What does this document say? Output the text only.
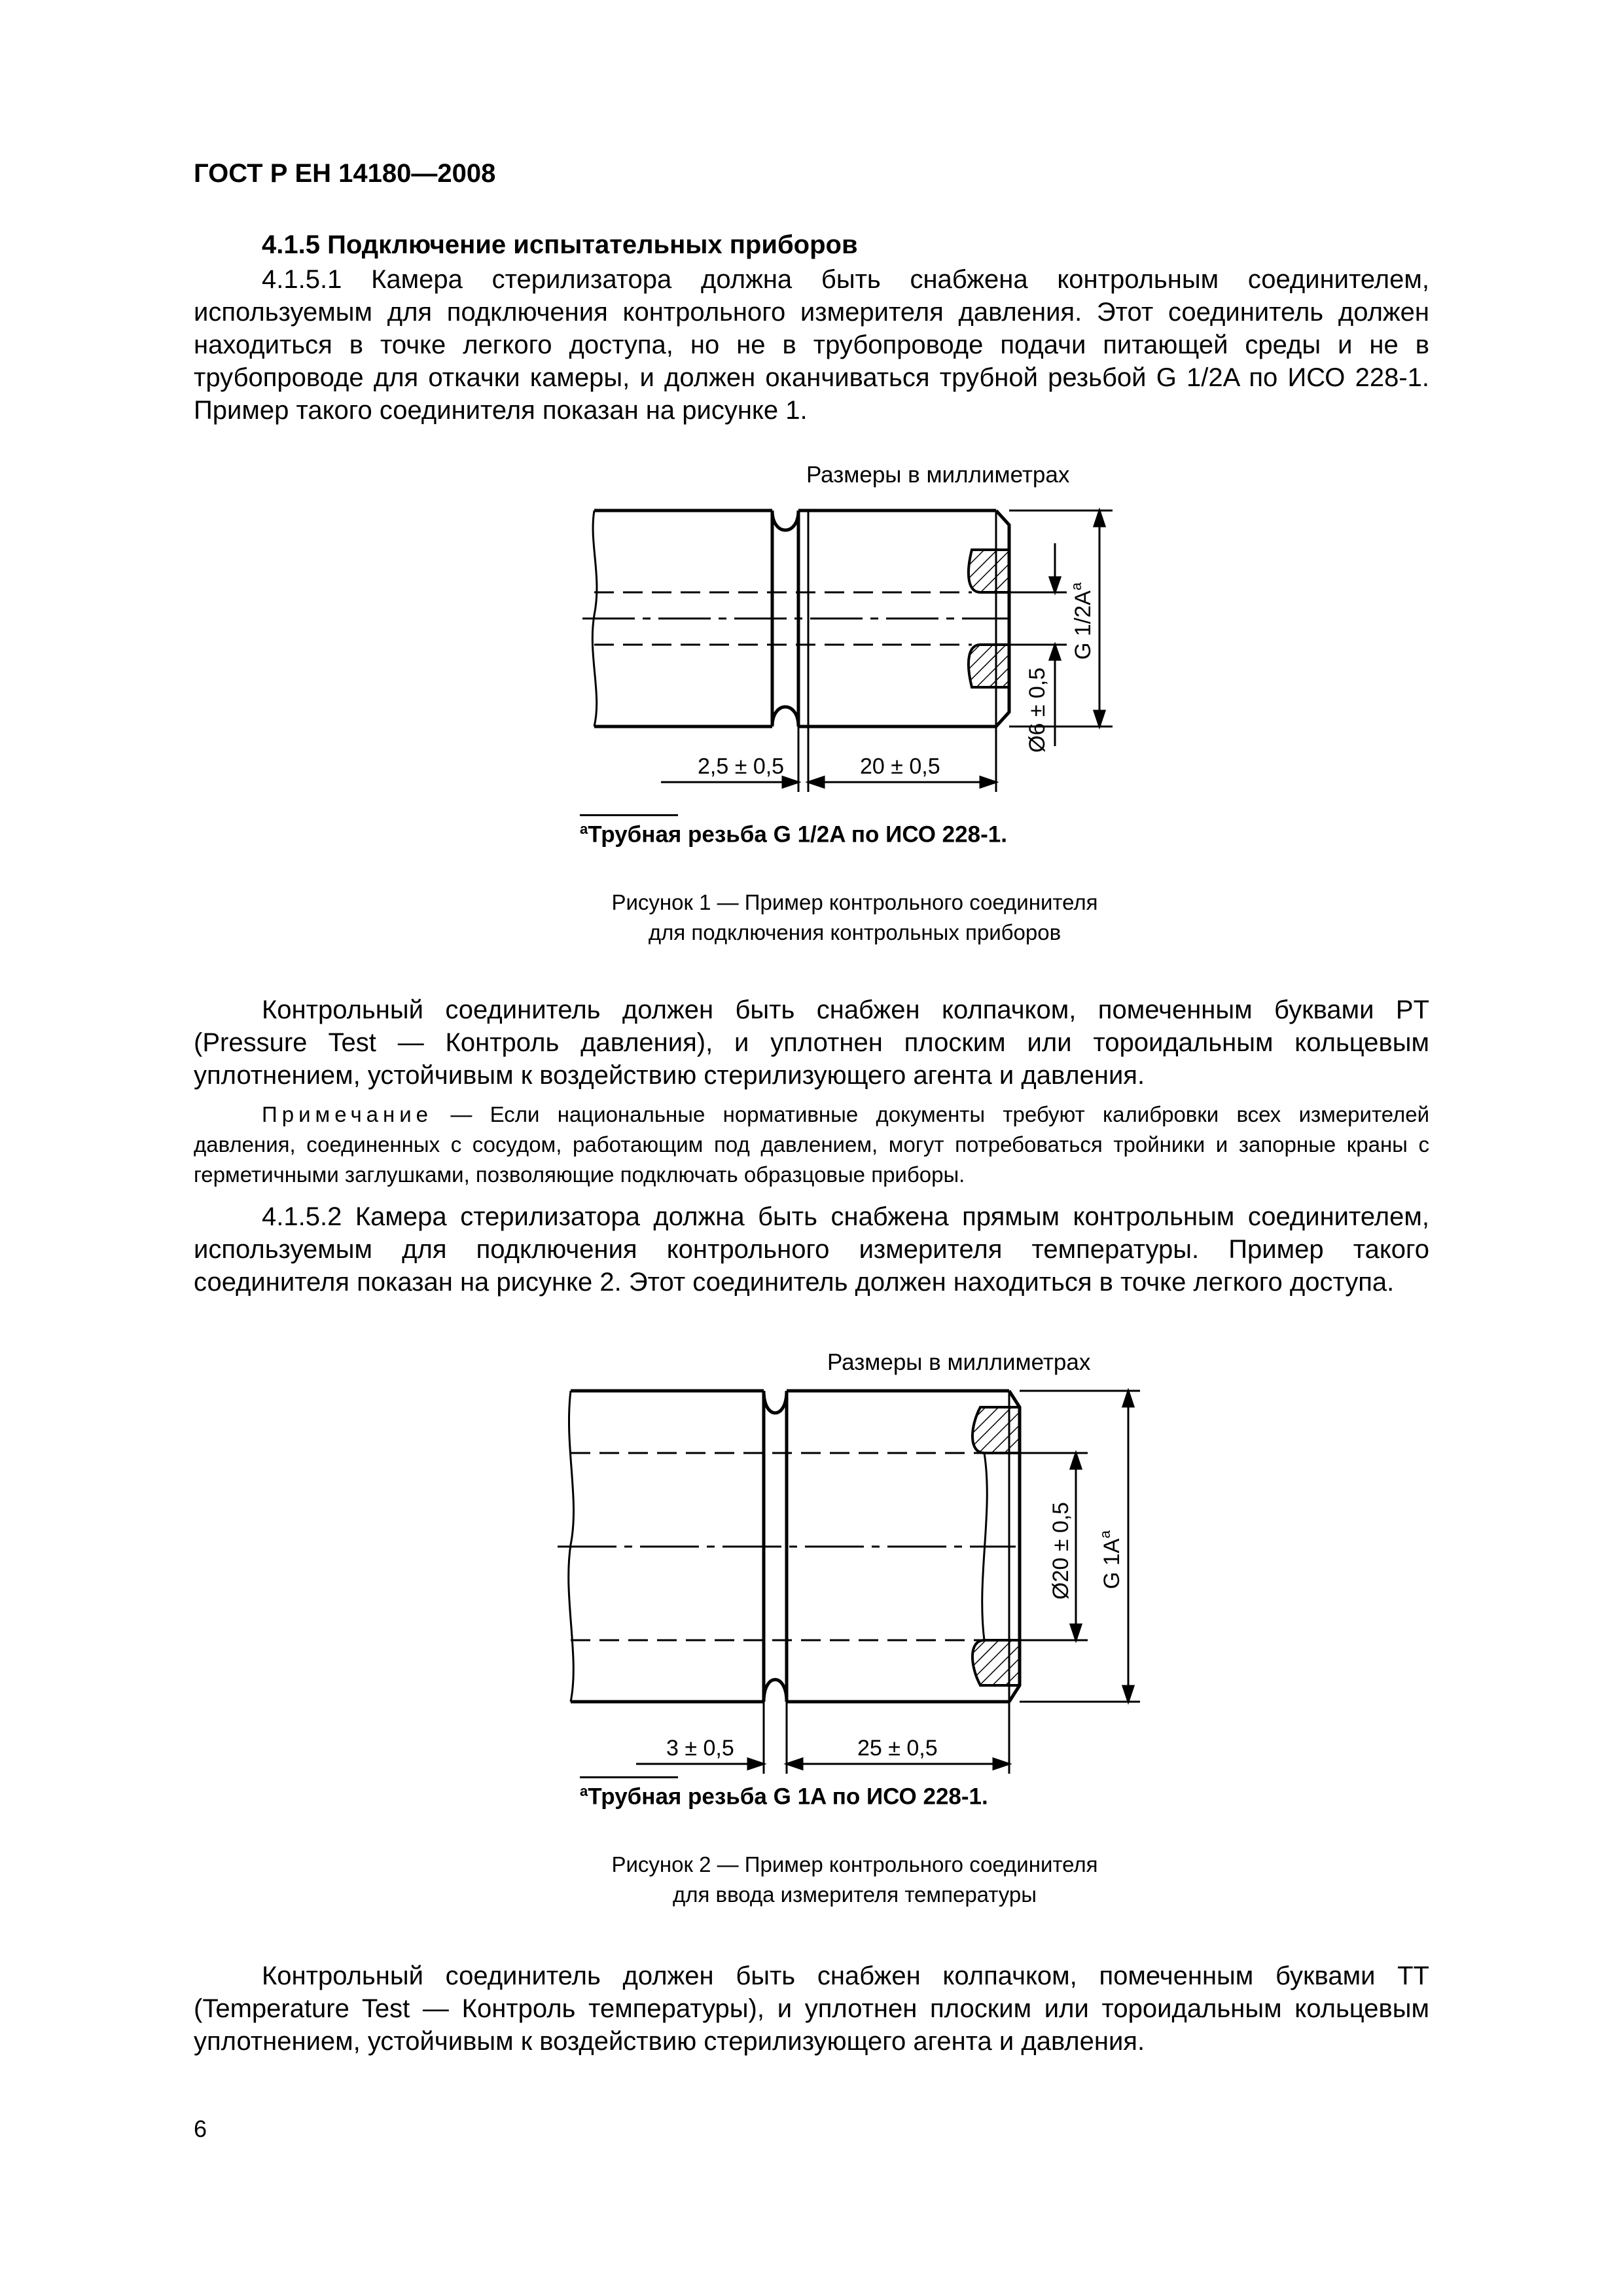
ГОСТ Р ЕН 14180—2008
4.1.5 Подключение испытательных приборов
4.1.5.1 Камера стерилизатора должна быть снабжена контрольным соединителем, используемым для подключения контрольного измерителя давления. Этот соединитель должен находиться в точке легкого доступа, но не в трубопроводе подачи питающей среды и не в трубопроводе для откачки камеры, и должен оканчиваться трубной резьбой G 1/2A по ИСО 228-1. Пример такого соединителя показан на рисунке 1.
Размеры в миллиметрах
Ø6 ± 0,5
G $1/2A^a$
2,5 ± 0,5	20 ± 0,5
$^a$Трубная резьба G 1/2A по ИСО 228-1.
Рисунок 1 — Пример контрольного соединителя
для подключения контрольных приборов
Контрольный соединитель должен быть снабжен колпачком, помеченным буквами PT (Pressure Test — Контроль давления), и уплотнен плоским или тороидальным кольцевым уплотнением, устойчивым к воздействию стерилизующего агента и давления.
Примечание — Если национальные нормативные документы требуют калибровки всех измерителей давления, соединенных с сосудом, работающим под давлением, могут потребоваться тройники и запорные краны с герметичными заглушками, позволяющие подключать образцовые приборы.
4.1.5.2 Камера стерилизатора должна быть снабжена прямым контрольным соединителем, используемым для подключения контрольного измерителя температуры. Пример такого соединителя показан на рисунке 2. Этот соединитель должен находиться в точке легкого доступа.
Размеры в миллиметрах
Ø20 ± 0,5 G $1A^a$
3 ± 0,5	25 ± 0,5
$^a$Трубная резьба G 1A по ИСО 228-1.
Рисунок 2 — Пример контрольного соединителя
для ввода измерителя температуры
Контрольный соединитель должен быть снабжен колпачком, помеченным буквами TT (Temperature Test — Контроль температуры), и уплотнен плоским или тороидальным кольцевым уплотнением, устойчивым к воздействию стерилизующего агента и давления.
6
